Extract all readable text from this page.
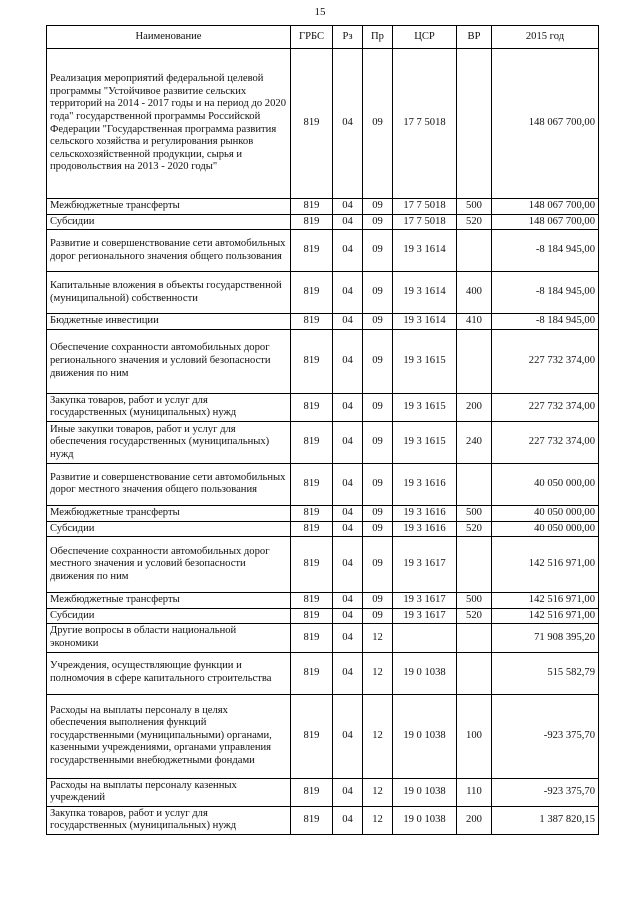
15
Наименование	ГРБС	Рз	Пр	ЦСР	ВР	2015 год
Реализация мероприятий федеральной целевой программы "Устойчивое развитие сельских территорий на 2014 - 2017 годы и на период до 2020 года" государственной программы Российской Федерации "Государственная программа развития сельского хозяйства и регулирования рынков сельскохозяйственной продукции, сырья и продовольствия на 2013 - 2020 годы"	819	04	09	17 7 5018		148 067 700,00
Межбюджетные трансферты	819	04	09	17 7 5018	500	148 067 700,00
Субсидии	819	04	09	17 7 5018	520	148 067 700,00
Развитие и совершенствование сети автомобильных дорог регионального значения общего пользования	819	04	09	19 3 1614		-8 184 945,00
Капитальные вложения в объекты государственной (муниципальной) собственности	819	04	09	19 3 1614	400	-8 184 945,00
Бюджетные инвестиции	819	04	09	19 3 1614	410	-8 184 945,00
Обеспечение сохранности автомобильных дорог регионального значения и условий безопасности движения по ним	819	04	09	19 3 1615		227 732 374,00
Закупка товаров, работ и услуг для государственных (муниципальных) нужд	819	04	09	19 3 1615	200	227 732 374,00
Иные закупки товаров, работ и услуг для обеспечения государственных (муниципальных) нужд	819	04	09	19 3 1615	240	227 732 374,00
Развитие и совершенствование сети автомобильных дорог местного значения общего пользования	819	04	09	19 3 1616		40 050 000,00
Межбюджетные трансферты	819	04	09	19 3 1616	500	40 050 000,00
Субсидии	819	04	09	19 3 1616	520	40 050 000,00
Обеспечение сохранности автомобильных дорог местного значения и условий безопасности движения по ним	819	04	09	19 3 1617		142 516 971,00
Межбюджетные трансферты	819	04	09	19 3 1617	500	142 516 971,00
Субсидии	819	04	09	19 3 1617	520	142 516 971,00
Другие вопросы в области национальной экономики	819	04	12			71 908 395,20
Учреждения, осуществляющие функции и полномочия в сфере капитального строительства	819	04	12	19 0 1038		515 582,79
Расходы на выплаты персоналу в целях обеспечения выполнения функций государственными (муниципальными) органами, казенными учреждениями, органами управления государственными внебюджетными фондами	819	04	12	19 0 1038	100	-923 375,70
Расходы на выплаты персоналу казенных учреждений	819	04	12	19 0 1038	110	-923 375,70
Закупка товаров, работ и услуг для государственных (муниципальных) нужд	819	04	12	19 0 1038	200	1 387 820,15
